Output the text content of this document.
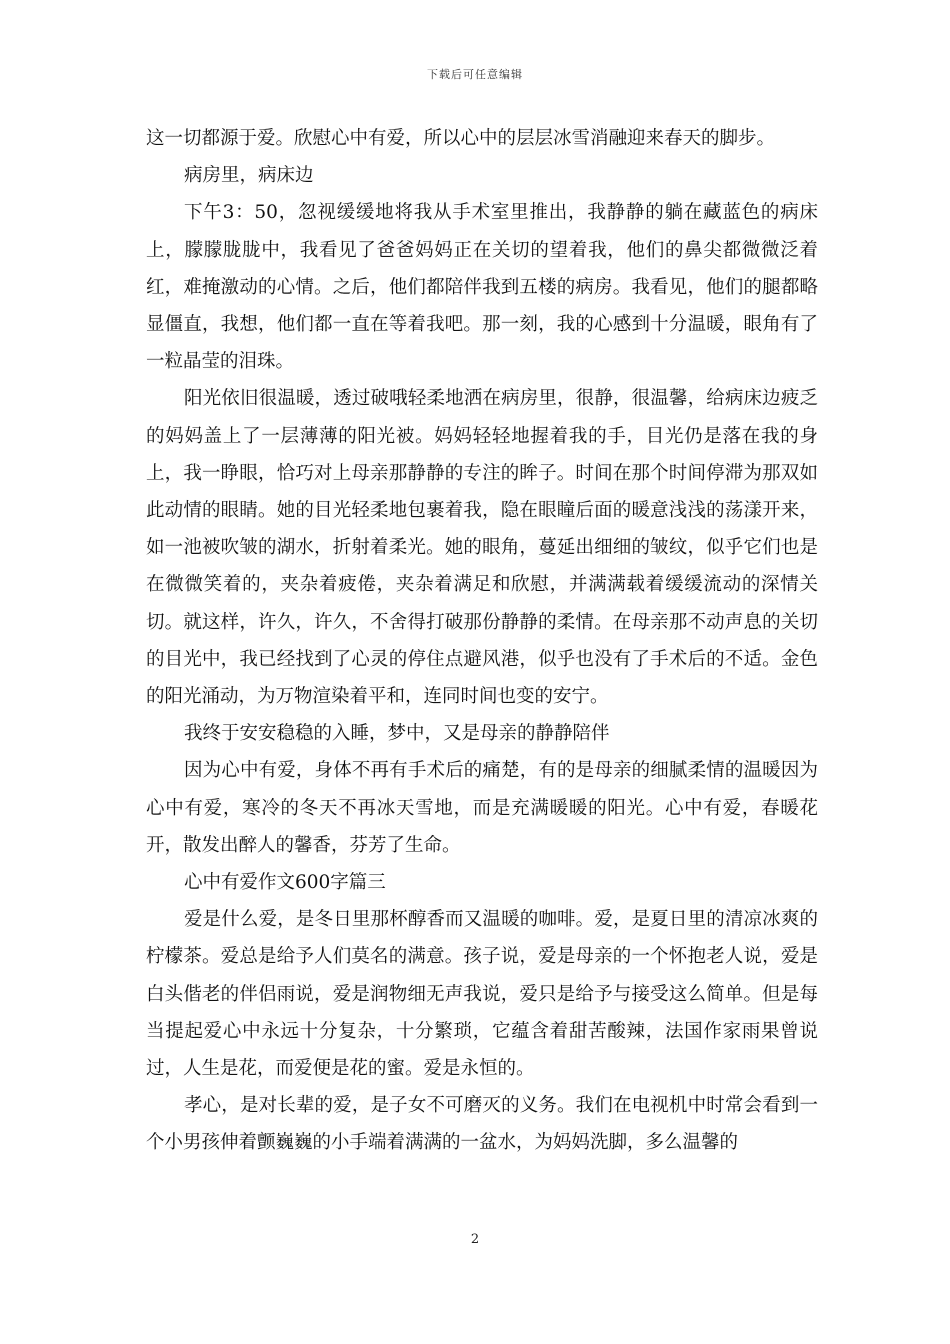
下载后可任意编辑

这一切都源于爱。欣慰心中有爱，所以心中的层层冰雪消融迎来春天的脚步。

病房里，病床边

下午3：50，忽视缓缓地将我从手术室里推出，我静静的躺在藏蓝色的病床上，朦朦胧胧中，我看见了爸爸妈妈正在关切的望着我，他们的鼻尖都微微泛着红，难掩激动的心情。之后，他们都陪伴我到五楼的病房。我看见，他们的腿都略显僵直，我想，他们都一直在等着我吧。那一刻，我的心感到十分温暖，眼角有了一粒晶莹的泪珠。

阳光依旧很温暖，透过破哦轻柔地洒在病房里，很静，很温馨，给病床边疲乏的妈妈盖上了一层薄薄的阳光被。妈妈轻轻地握着我的手，目光仍是落在我的身上，我一睁眼，恰巧对上母亲那静静的专注的眸子。时间在那个时间停滞为那双如此动情的眼睛。她的目光轻柔地包裹着我，隐在眼瞳后面的暖意浅浅的荡漾开来，如一池被吹皱的湖水，折射着柔光。她的眼角，蔓延出细细的皱纹，似乎它们也是在微微笑着的，夹杂着疲倦，夹杂着满足和欣慰，并满满载着缓缓流动的深情关切。就这样，许久，许久，不舍得打破那份静静的柔情。在母亲那不动声息的关切的目光中，我已经找到了心灵的停住点避风港，似乎也没有了手术后的不适。金色的阳光涌动，为万物渲染着平和，连同时间也变的安宁。

我终于安安稳稳的入睡，梦中，又是母亲的静静陪伴

因为心中有爱，身体不再有手术后的痛楚，有的是母亲的细腻柔情的温暖因为心中有爱，寒冷的冬天不再冰天雪地，而是充满暖暖的阳光。心中有爱，春暖花开，散发出醉人的馨香，芬芳了生命。

心中有爱作文600字篇三

爱是什么爱，是冬日里那杯醇香而又温暖的咖啡。爱，是夏日里的清凉冰爽的柠檬茶。爱总是给予人们莫名的满意。孩子说，爱是母亲的一个怀抱老人说，爱是白头偕老的伴侣雨说，爱是润物细无声我说，爱只是给予与接受这么简单。但是每当提起爱心中永远十分复杂，十分繁琐，它蕴含着甜苦酸辣，法国作家雨果曾说过，人生是花，而爱便是花的蜜。爱是永恒的。

孝心，是对长辈的爱，是子女不可磨灭的义务。我们在电视机中时常会看到一个小男孩伸着颤巍巍的小手端着满满的一盆水，为妈妈洗脚，多么温馨的

2
